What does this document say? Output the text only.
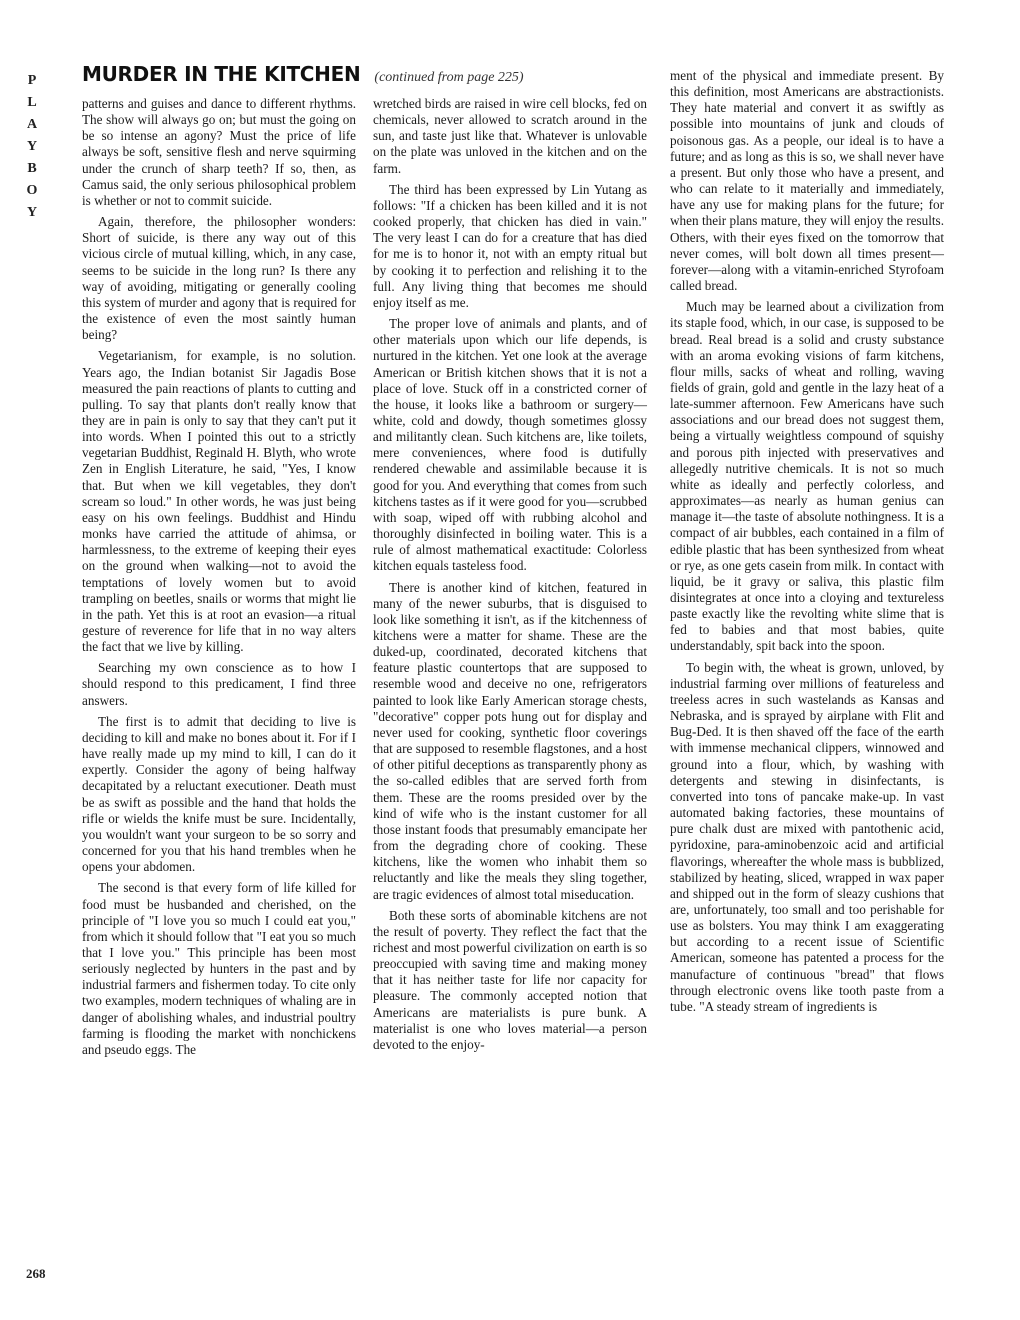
P
L
A
Y
B
O
Y
MURDER IN THE KITCHEN (continued from page 225)

patterns and guises and dance to different rhythms. The show will always go on; but must the going on be so intense an agony? Must the price of life always be soft, sensitive flesh and nerve squirming under the crunch of sharp teeth? If so, then, as Camus said, the only serious philosophical problem is whether or not to commit suicide.

Again, therefore, the philosopher wonders: Short of suicide, is there any way out of this vicious circle of mutual killing, which, in any case, seems to be suicide in the long run? Is there any way of avoiding, mitigating or generally cooling this system of murder and agony that is required for the existence of even the most saintly human being?

Vegetarianism, for example, is no solution. Years ago, the Indian botanist Sir Jagadis Bose measured the pain reactions of plants to cutting and pulling. To say that plants don't really know that they are in pain is only to say that they can't put it into words. When I pointed this out to a strictly vegetarian Buddhist, Reginald H. Blyth, who wrote Zen in English Literature, he said, "Yes, I know that. But when we kill vegetables, they don't scream so loud." In other words, he was just being easy on his own feelings. Buddhist and Hindu monks have carried the attitude of ahimsa, or harmlessness, to the extreme of keeping their eyes on the ground when walking—not to avoid the temptations of lovely women but to avoid trampling on beetles, snails or worms that might lie in the path. Yet this is at root an evasion—a ritual gesture of reverence for life that in no way alters the fact that we live by killing.

Searching my own conscience as to how I should respond to this predicament, I find three answers.

The first is to admit that deciding to live is deciding to kill and make no bones about it. For if I have really made up my mind to kill, I can do it expertly. Consider the agony of being halfway decapitated by a reluctant executioner. Death must be as swift as possible and the hand that holds the rifle or wields the knife must be sure. Incidentally, you wouldn't want your surgeon to be so sorry and concerned for you that his hand trembles when he opens your abdomen.

The second is that every form of life killed for food must be husbanded and cherished, on the principle of "I love you so much I could eat you," from which it should follow that "I eat you so much that I love you." This principle has been most seriously neglected by hunters in the past and by industrial farmers and fishermen today. To cite only two examples, modern techniques of whaling are in danger of abolishing whales, and industrial poultry farming is flooding the market with nonchickens and pseudo eggs. The

wretched birds are raised in wire cell blocks, fed on chemicals, never allowed to scratch around in the sun, and taste just like that. Whatever is unlovable on the plate was unloved in the kitchen and on the farm.

The third has been expressed by Lin Yutang as follows: "If a chicken has been killed and it is not cooked properly, that chicken has died in vain." The very least I can do for a creature that has died for me is to honor it, not with an empty ritual but by cooking it to perfection and relishing it to the full. Any living thing that becomes me should enjoy itself as me.

The proper love of animals and plants, and of other materials upon which our life depends, is nurtured in the kitchen. Yet one look at the average American or British kitchen shows that it is not a place of love. Stuck off in a constricted corner of the house, it looks like a bathroom or surgery—white, cold and dowdy, though sometimes glossy and militantly clean. Such kitchens are, like toilets, mere conveniences, where food is dutifully rendered chewable and assimilable because it is good for you. And everything that comes from such kitchens tastes as if it were good for you—scrubbed with soap, wiped off with rubbing alcohol and thoroughly disinfected in boiling water. This is a rule of almost mathematical exactitude: Colorless kitchen equals tasteless food.

There is another kind of kitchen, featured in many of the newer suburbs, that is disguised to look like something it isn't, as if the kitchenness of kitchens were a matter for shame. These are the duked-up, coordinated, decorated kitchens that feature plastic countertops that are supposed to resemble wood and deceive no one, refrigerators painted to look like Early American storage chests, "decorative" copper pots hung out for display and never used for cooking, synthetic floor coverings that are supposed to resemble flagstones, and a host of other pitiful deceptions as transparently phony as the so-called edibles that are served forth from them. These are the rooms presided over by the kind of wife who is the instant customer for all those instant foods that presumably emancipate her from the degrading chore of cooking. These kitchens, like the women who inhabit them so reluctantly and like the meals they sling together, are tragic evidences of almost total miseducation.

Both these sorts of abominable kitchens are not the result of poverty. They reflect the fact that the richest and most powerful civilization on earth is so preoccupied with saving time and making money that it has neither taste for life nor capacity for pleasure. The commonly accepted notion that Americans are materialists is pure bunk. A materialist is one who loves material—a person devoted to the enjoy-

ment of the physical and immediate present. By this definition, most Americans are abstractionists. They hate material and convert it as swiftly as possible into mountains of junk and clouds of poisonous gas. As a people, our ideal is to have a future; and as long as this is so, we shall never have a present. But only those who have a present, and who can relate to it materially and immediately, have any use for making plans for the future; for when their plans mature, they will enjoy the results. Others, with their eyes fixed on the tomorrow that never comes, will bolt down all times present—forever—along with a vitamin-enriched Styrofoam called bread.

Much may be learned about a civilization from its staple food, which, in our case, is supposed to be bread. Real bread is a solid and crusty substance with an aroma evoking visions of farm kitchens, flour mills, sacks of wheat and rolling, waving fields of grain, gold and gentle in the lazy heat of a late-summer afternoon. Few Americans have such associations and our bread does not suggest them, being a virtually weightless compound of squishy and porous pith injected with preservatives and allegedly nutritive chemicals. It is not so much white as ideally and perfectly colorless, and approximates—as nearly as human genius can manage it—the taste of absolute nothingness. It is a compact of air bubbles, each contained in a film of edible plastic that has been synthesized from wheat or rye, as one gets casein from milk. In contact with liquid, be it gravy or saliva, this plastic film disintegrates at once into a cloying and textureless paste exactly like the revolting white slime that is fed to babies and that most babies, quite understandably, spit back into the spoon.

To begin with, the wheat is grown, unloved, by industrial farming over millions of featureless and treeless acres in such wastelands as Kansas and Nebraska, and is sprayed by airplane with Flit and Bug-Ded. It is then shaved off the face of the earth with immense mechanical clippers, winnowed and ground into a flour, which, by washing with detergents and stewing in disinfectants, is converted into tons of pancake make-up. In vast automated baking factories, these mountains of pure chalk dust are mixed with pantothenic acid, pyridoxine, para-aminobenzoic acid and artificial flavorings, whereafter the whole mass is bubblized, stabilized by heating, sliced, wrapped in wax paper and shipped out in the form of sleazy cushions that are, unfortunately, too small and too perishable for use as bolsters. You may think I am exaggerating but according to a recent issue of Scientific American, someone has patented a process for the manufacture of continuous "bread" that flows through electronic ovens like tooth paste from a tube. "A steady stream of ingredients is

268
